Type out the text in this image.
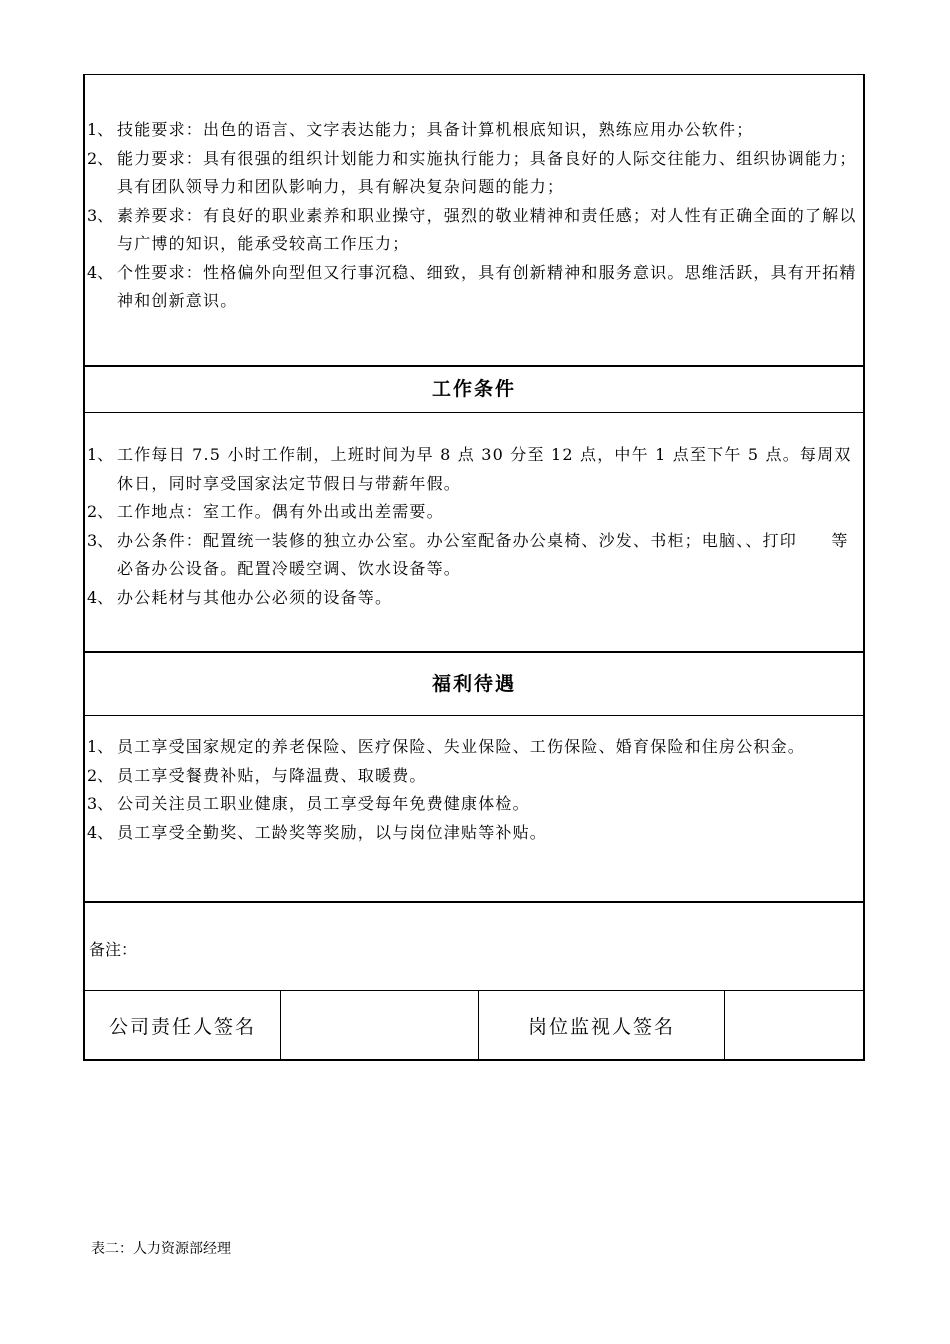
1、 技能要求：出色的语言、文字表达能力；具备计算机根底知识，熟练应用办公软件；
2、 能力要求：具有很强的组织计划能力和实施执行能力；具备良好的人际交往能力、组织协调能力；具有团队领导力和团队影响力，具有解决复杂问题的能力；
3、 素养要求：有良好的职业素养和职业操守，强烈的敬业精神和责任感；对人性有正确全面的了解以与广博的知识，能承受较高工作压力；
4、 个性要求：性格偏外向型但又行事沉稳、细致，具有创新精神和服务意识。思维活跃，具有开拓精神和创新意识。
工作条件
1、 工作每日 7.5 小时工作制，上班时间为早 8 点 30 分至 12 点，中午 1 点至下午 5 点。每周双休日，同时享受国家法定节假日与带薪年假。
2、 工作地点：室工作。偶有外出或出差需要。
3、 办公条件：配置统一装修的独立办公室。办公室配备办公桌椅、沙发、书柜；电脑、、打印　　等必备办公设备。配置冷暖空调、饮水设备等。
4、 办公耗材与其他办公必须的设备等。
福利待遇
1、 员工享受国家规定的养老保险、医疗保险、失业保险、工伤保险、婚育保险和住房公积金。
2、 员工享受餐费补贴，与降温费、取暖费。
3、 公司关注员工职业健康，员工享受每年免费健康体检。
4、 员工享受全勤奖、工龄奖等奖励，以与岗位津贴等补贴。
备注：
公司责任人签名	岗位监视人签名
表二：人力资源部经理
